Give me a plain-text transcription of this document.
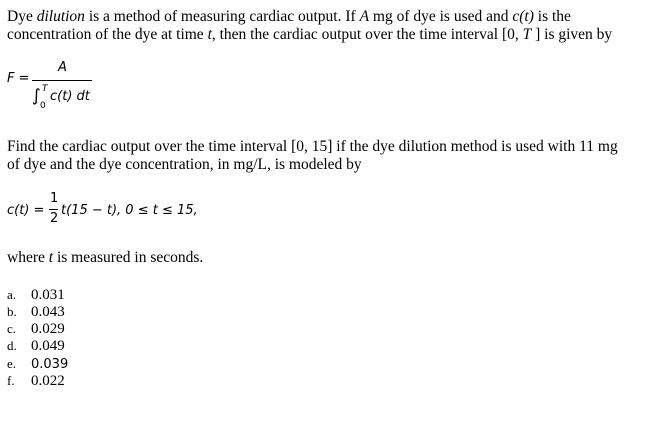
Dye dilution is a method of measuring cardiac output. If A mg of dye is used and c(t) is the
concentration of the dye at time t, then the cardiac output over the time interval [0, T ] is given by
F =
A
∫ T
0
c(t) dt
Find the cardiac output over the time interval [0, 15] if the dye dilution method is used with 11 mg
of dye and the dye concentration, in mg/L, is modeled by
c(t) =
1
2
t(15 − t), 0 ≤ t ≤ 15,
where t is measured in seconds.
a. 0.031
b. 0.043
c. 0.029
d. 0.049
e. 0.039
f. 0.022
